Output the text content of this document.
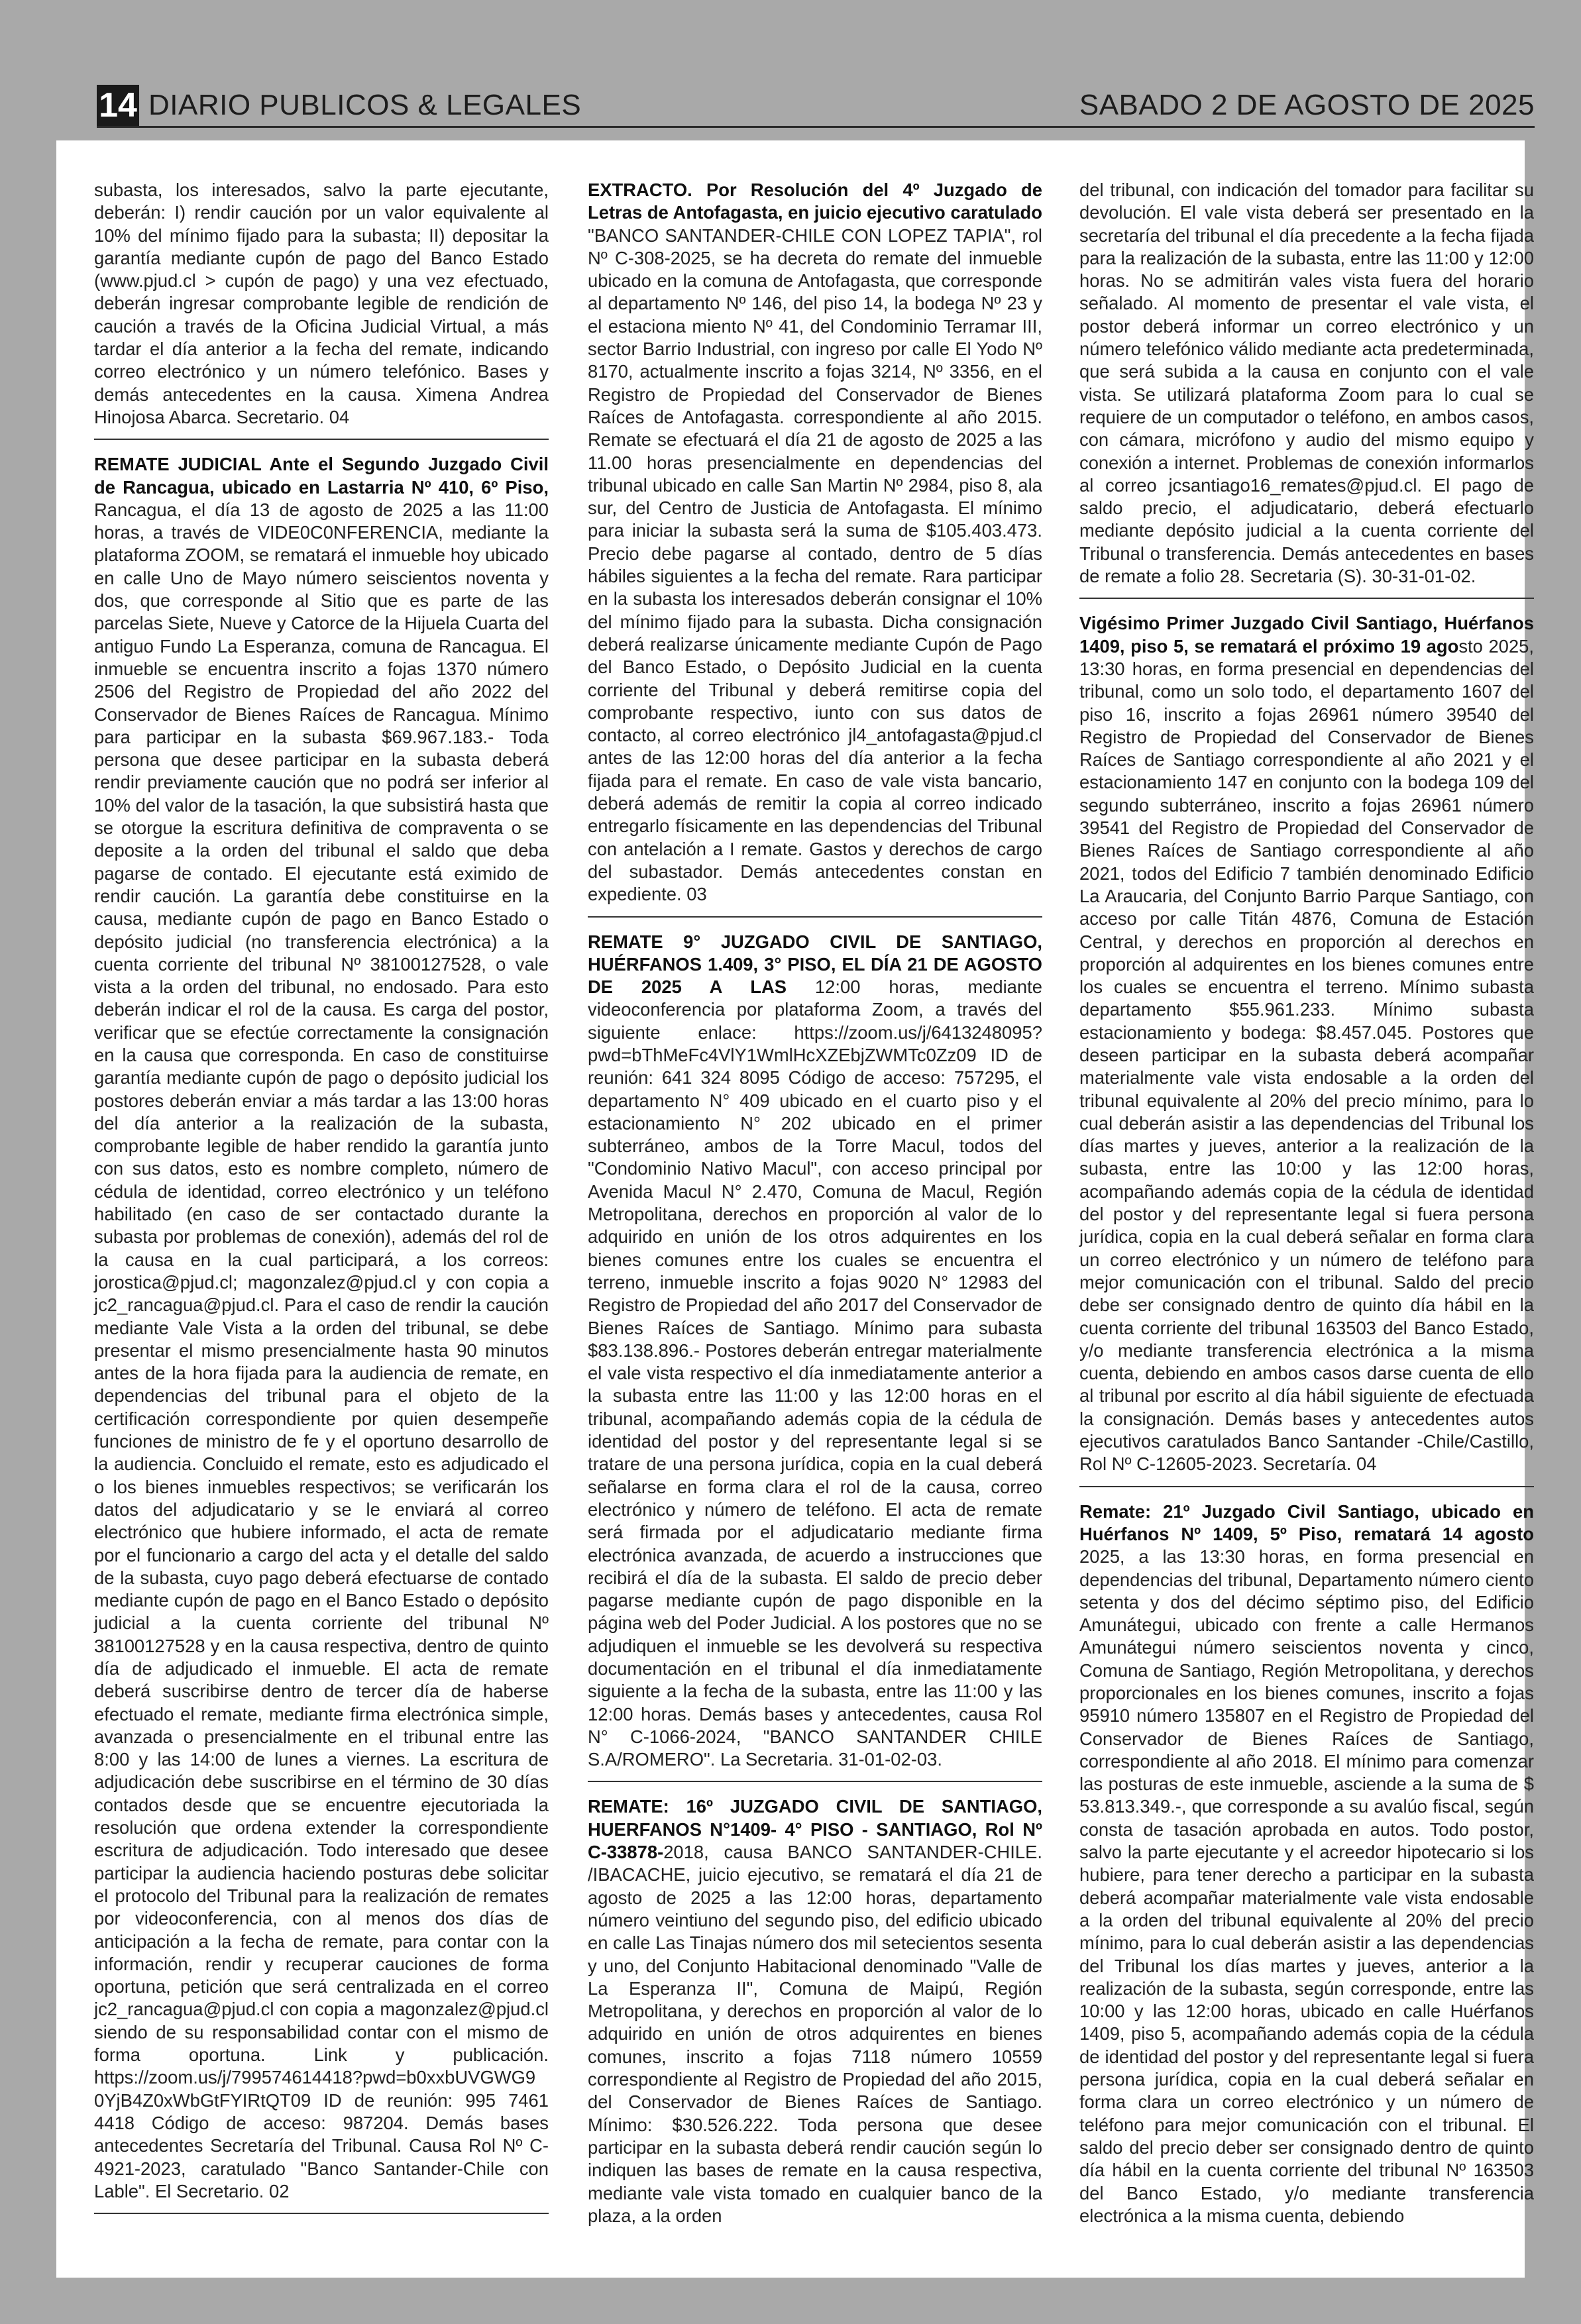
14 DIARIO PUBLICOS & LEGALES	SABADO 2 DE AGOSTO DE 2025

subasta, los interesados, salvo la parte ejecutante, deberán: I) rendir caución por un valor equivalente al 10% del mínimo fijado para la subasta; II) depositar la garantía mediante cupón de pago del Banco Estado (www.pjud.cl > cupón de pago) y una vez efectuado, deberán ingresar comprobante legible de rendición de caución a través de la Oficina Judicial Virtual, a más tardar el día anterior a la fecha del remate, indicando correo electrónico y un número telefónico. Bases y demás antecedentes en la causa. Ximena Andrea Hinojosa Abarca. Secretario. 04

REMATE JUDICIAL Ante el Segundo Juzgado Civil de Rancagua, ubicado en Lastarria Nº 410, 6º Piso, Rancagua, el día 13 de agosto de 2025 a las 11:00 horas, a través de VIDE0C0NFERENCIA, mediante la plataforma ZOOM, se rematará el inmueble hoy ubicado en calle Uno de Mayo número seiscientos noventa y dos, que corresponde al Sitio que es parte de las parcelas Siete, Nueve y Catorce de la Hijuela Cuarta del antiguo Fundo La Esperanza, comuna de Rancagua. El inmueble se encuentra inscrito a fojas 1370 número 2506 del Registro de Propiedad del año 2022 del Conservador de Bienes Raíces de Rancagua. Mínimo para participar en la subasta $69.967.183.- Toda persona que desee participar en la subasta deberá rendir previamente caución que no podrá ser inferior al 10% del valor de la tasación, la que subsistirá hasta que se otorgue la escritura definitiva de compraventa o se deposite a la orden del tribunal el saldo que deba pagarse de contado. El ejecutante está eximido de rendir caución. La garantía debe constituirse en la causa, mediante cupón de pago en Banco Estado o depósito judicial (no transferencia electrónica) a la cuenta corriente del tribunal Nº 38100127528, o vale vista a la orden del tribunal, no endosado. Para esto deberán indicar el rol de la causa. Es carga del postor, verificar que se efectúe correctamente la consignación en la causa que corresponda. En caso de constituirse garantía mediante cupón de pago o depósito judicial los postores deberán enviar a más tardar a las 13:00 horas del día anterior a la realización de la subasta, comprobante legible de haber rendido la garantía junto con sus datos, esto es nombre completo, número de cédula de identidad, correo electrónico y un teléfono habilitado (en caso de ser contactado durante la subasta por problemas de conexión), además del rol de la causa en la cual participará, a los correos: jorostica@pjud.cl; magonzalez@pjud.cl y con copia a jc2_rancagua@pjud.cl. Para el caso de rendir la caución mediante Vale Vista a la orden del tribunal, se debe presentar el mismo presencialmente hasta 90 minutos antes de la hora fijada para la audiencia de remate, en dependencias del tribunal para el objeto de la certificación correspondiente por quien desempeñe funciones de ministro de fe y el oportuno desarrollo de la audiencia. Concluido el remate, esto es adjudicado el o los bienes inmuebles respectivos; se verificarán los datos del adjudicatario y se le enviará al correo electrónico que hubiere informado, el acta de remate por el funcionario a cargo del acta y el detalle del saldo de la subasta, cuyo pago deberá efectuarse de contado mediante cupón de pago en el Banco Estado o depósito judicial a la cuenta corriente del tribunal Nº 38100127528 y en la causa respectiva, dentro de quinto día de adjudicado el inmueble. El acta de remate deberá suscribirse dentro de tercer día de haberse efectuado el remate, mediante firma electrónica simple, avanzada o presencialmente en el tribunal entre las 8:00 y las 14:00 de lunes a viernes. La escritura de adjudicación debe suscribirse en el término de 30 días contados desde que se encuentre ejecutoriada la resolución que ordena extender la correspondiente escritura de adjudicación. Todo interesado que desee participar la audiencia haciendo posturas debe solicitar el protocolo del Tribunal para la realización de remates por videoconferencia, con al menos dos días de anticipación a la fecha de remate, para contar con la información, rendir y recuperar cauciones de forma oportuna, petición que será centralizada en el correo jc2_rancagua@pjud.cl con copia a magonzalez@pjud.cl siendo de su responsabilidad contar con el mismo de forma oportuna. Link y publicación. https://zoom.us/j/799574614418?pwd=b0xxbUVGWG9 0YjB4Z0xWbGtFYIRtQT09 ID de reunión: 995 7461 4418 Código de acceso: 987204. Demás bases antecedentes Secretaría del Tribunal. Causa Rol Nº C-4921-2023, caratulado "Banco Santander-Chile con Lable". El Secretario. 02

EXTRACTO. Por Resolución del 4º Juzgado de Letras de Antofagasta, en juicio ejecutivo caratulado "BANCO SANTANDER-CHILE CON LOPEZ TAPIA", rol Nº C-308-2025, se ha decreta do remate del inmueble ubicado en la comuna de Antofagasta, que corresponde al departamento Nº 146, del piso 14, la bodega Nº 23 y el estaciona miento Nº 41, del Condominio Terramar III, sector Barrio Industrial, con ingreso por calle El Yodo Nº 8170, actualmente inscrito a fojas 3214, Nº 3356, en el Registro de Propiedad del Conservador de Bienes Raíces de Antofagasta. correspondiente al año 2015. Remate se efectuará el día 21 de agosto de 2025 a las 11.00 horas presencialmente en dependencias del tribunal ubicado en calle San Martin Nº 2984, piso 8, ala sur, del Centro de Justicia de Antofagasta. El mínimo para iniciar la subasta será la suma de $105.403.473. Precio debe pagarse al contado, dentro de 5 días hábiles siguientes a la fecha del remate. Rara participar en la subasta los interesados deberán consignar el 10% del mínimo fijado para la subasta. Dicha consignación deberá realizarse únicamente mediante Cupón de Pago del Banco Estado, o Depósito Judicial en la cuenta corriente del Tribunal y deberá remitirse copia del comprobante respectivo, iunto con sus datos de contacto, al correo electrónico jl4_antofagasta@pjud.cl antes de las 12:00 horas del día anterior a la fecha fijada para el remate. En caso de vale vista bancario, deberá además de remitir la copia al correo indicado entregarlo físicamente en las dependencias del Tribunal con antelación a I remate. Gastos y derechos de cargo del subastador. Demás antecedentes constan en expediente. 03

REMATE 9° JUZGADO CIVIL DE SANTIAGO, HUÉRFANOS 1.409, 3° PISO, EL DÍA 21 DE AGOSTO DE 2025 A LAS 12:00 horas, mediante videoconferencia por plataforma Zoom, a través del siguiente enlace: https://zoom.us/j/6413248095?pwd=bThMeFc4VlY1WmlHcXZEbjZWMTc0Zz09 ID de reunión: 641 324 8095 Código de acceso: 757295, el departamento N° 409 ubicado en el cuarto piso y el estacionamiento N° 202 ubicado en el primer subterráneo, ambos de la Torre Macul, todos del "Condominio Nativo Macul", con acceso principal por Avenida Macul N° 2.470, Comuna de Macul, Región Metropolitana, derechos en proporción al valor de lo adquirido en unión de los otros adquirentes en los bienes comunes entre los cuales se encuentra el terreno, inmueble inscrito a fojas 9020 N° 12983 del Registro de Propiedad del año 2017 del Conservador de Bienes Raíces de Santiago. Mínimo para subasta $83.138.896.- Postores deberán entregar materialmente el vale vista respectivo el día inmediatamente anterior a la subasta entre las 11:00 y las 12:00 horas en el tribunal, acompañando además copia de la cédula de identidad del postor y del representante legal si se tratare de una persona jurídica, copia en la cual deberá señalarse en forma clara el rol de la causa, correo electrónico y número de teléfono. El acta de remate será firmada por el adjudicatario mediante firma electrónica avanzada, de acuerdo a instrucciones que recibirá el día de la subasta. El saldo de precio deber pagarse mediante cupón de pago disponible en la página web del Poder Judicial. A los postores que no se adjudiquen el inmueble se les devolverá su respectiva documentación en el tribunal el día inmediatamente siguiente a la fecha de la subasta, entre las 11:00 y las 12:00 horas. Demás bases y antecedentes, causa Rol N° C-1066-2024, "BANCO SANTANDER CHILE S.A/ROMERO". La Secretaria. 31-01-02-03.

REMATE: 16º JUZGADO CIVIL DE SANTIAGO, HUERFANOS N°1409- 4° PISO - SANTIAGO, Rol Nº C-33878-2018, causa BANCO SANTANDER-CHILE. /IBACACHE, juicio ejecutivo, se rematará el día 21 de agosto de 2025 a las 12:00 horas, departamento número veintiuno del segundo piso, del edificio ubicado en calle Las Tinajas número dos mil setecientos sesenta y uno, del Conjunto Habitacional denominado "Valle de La Esperanza II", Comuna de Maipú, Región Metropolitana, y derechos en proporción al valor de lo adquirido en unión de otros adquirentes en bienes comunes, inscrito a fojas 7118 número 10559 correspondiente al Registro de Propiedad del año 2015, del Conservador de Bienes Raíces de Santiago. Mínimo: $30.526.222. Toda persona que desee participar en la subasta deberá rendir caución según lo indiquen las bases de remate en la causa respectiva, mediante vale vista tomado en cualquier banco de la plaza, a la orden

del tribunal, con indicación del tomador para facilitar su devolución. El vale vista deberá ser presentado en la secretaría del tribunal el día precedente a la fecha fijada para la realización de la subasta, entre las 11:00 y 12:00 horas. No se admitirán vales vista fuera del horario señalado. Al momento de presentar el vale vista, el postor deberá informar un correo electrónico y un número telefónico válido mediante acta predeterminada, que será subida a la causa en conjunto con el vale vista. Se utilizará plataforma Zoom para lo cual se requiere de un computador o teléfono, en ambos casos, con cámara, micrófono y audio del mismo equipo y conexión a internet. Problemas de conexión informarlos al correo jcsantiago16_remates@pjud.cl. El pago de saldo precio, el adjudicatario, deberá efectuarlo mediante depósito judicial a la cuenta corriente del Tribunal o transferencia. Demás antecedentes en bases de remate a folio 28. Secretaria (S). 30-31-01-02.

Vigésimo Primer Juzgado Civil Santiago, Huérfanos 1409, piso 5, se rematará el próximo 19 agosto 2025, 13:30 horas, en forma presencial en dependencias del tribunal, como un solo todo, el departamento 1607 del piso 16, inscrito a fojas 26961 número 39540 del Registro de Propiedad del Conservador de Bienes Raíces de Santiago correspondiente al año 2021 y el estacionamiento 147 en conjunto con la bodega 109 del segundo subterráneo, inscrito a fojas 26961 número 39541 del Registro de Propiedad del Conservador de Bienes Raíces de Santiago correspondiente al año 2021, todos del Edificio 7 también denominado Edificio La Araucaria, del Conjunto Barrio Parque Santiago, con acceso por calle Titán 4876, Comuna de Estación Central, y derechos en proporción al derechos en proporción al adquirentes en los bienes comunes entre los cuales se encuentra el terreno. Mínimo subasta departamento $55.961.233. Mínimo subasta estacionamiento y bodega: $8.457.045. Postores que deseen participar en la subasta deberá acompañar materialmente vale vista endosable a la orden del tribunal equivalente al 20% del precio mínimo, para lo cual deberán asistir a las dependencias del Tribunal los días martes y jueves, anterior a la realización de la subasta, entre las 10:00 y las 12:00 horas, acompañando además copia de la cédula de identidad del postor y del representante legal si fuera persona jurídica, copia en la cual deberá señalar en forma clara un correo electrónico y un número de teléfono para mejor comunicación con el tribunal. Saldo del precio debe ser consignado dentro de quinto día hábil en la cuenta corriente del tribunal 163503 del Banco Estado, y/o mediante transferencia electrónica a la misma cuenta, debiendo en ambos casos darse cuenta de ello al tribunal por escrito al día hábil siguiente de efectuada la consignación. Demás bases y antecedentes autos ejecutivos caratulados Banco Santander -Chile/Castillo, Rol Nº C-12605-2023. Secretaría. 04

Remate: 21º Juzgado Civil Santiago, ubicado en Huérfanos Nº 1409, 5º Piso, rematará 14 agosto 2025, a las 13:30 horas, en forma presencial en dependencias del tribunal, Departamento número ciento setenta y dos del décimo séptimo piso, del Edificio Amunátegui, ubicado con frente a calle Hermanos Amunátegui número seiscientos noventa y cinco, Comuna de Santiago, Región Metropolitana, y derechos proporcionales en los bienes comunes, inscrito a fojas 95910 número 135807 en el Registro de Propiedad del Conservador de Bienes Raíces de Santiago, correspondiente al año 2018. El mínimo para comenzar las posturas de este inmueble, asciende a la suma de $ 53.813.349.-, que corresponde a su avalúo fiscal, según consta de tasación aprobada en autos. Todo postor, salvo la parte ejecutante y el acreedor hipotecario si los hubiere, para tener derecho a participar en la subasta deberá acompañar materialmente vale vista endosable a la orden del tribunal equivalente al 20% del precio mínimo, para lo cual deberán asistir a las dependencias del Tribunal los días martes y jueves, anterior a la realización de la subasta, según corresponde, entre las 10:00 y las 12:00 horas, ubicado en calle Huérfanos 1409, piso 5, acompañando además copia de la cédula de identidad del postor y del representante legal si fuera persona jurídica, copia en la cual deberá señalar en forma clara un correo electrónico y un número de teléfono para mejor comunicación con el tribunal. El saldo del precio deber ser consignado dentro de quinto día hábil en la cuenta corriente del tribunal Nº 163503 del Banco Estado, y/o mediante transferencia electrónica a la misma cuenta, debiendo
